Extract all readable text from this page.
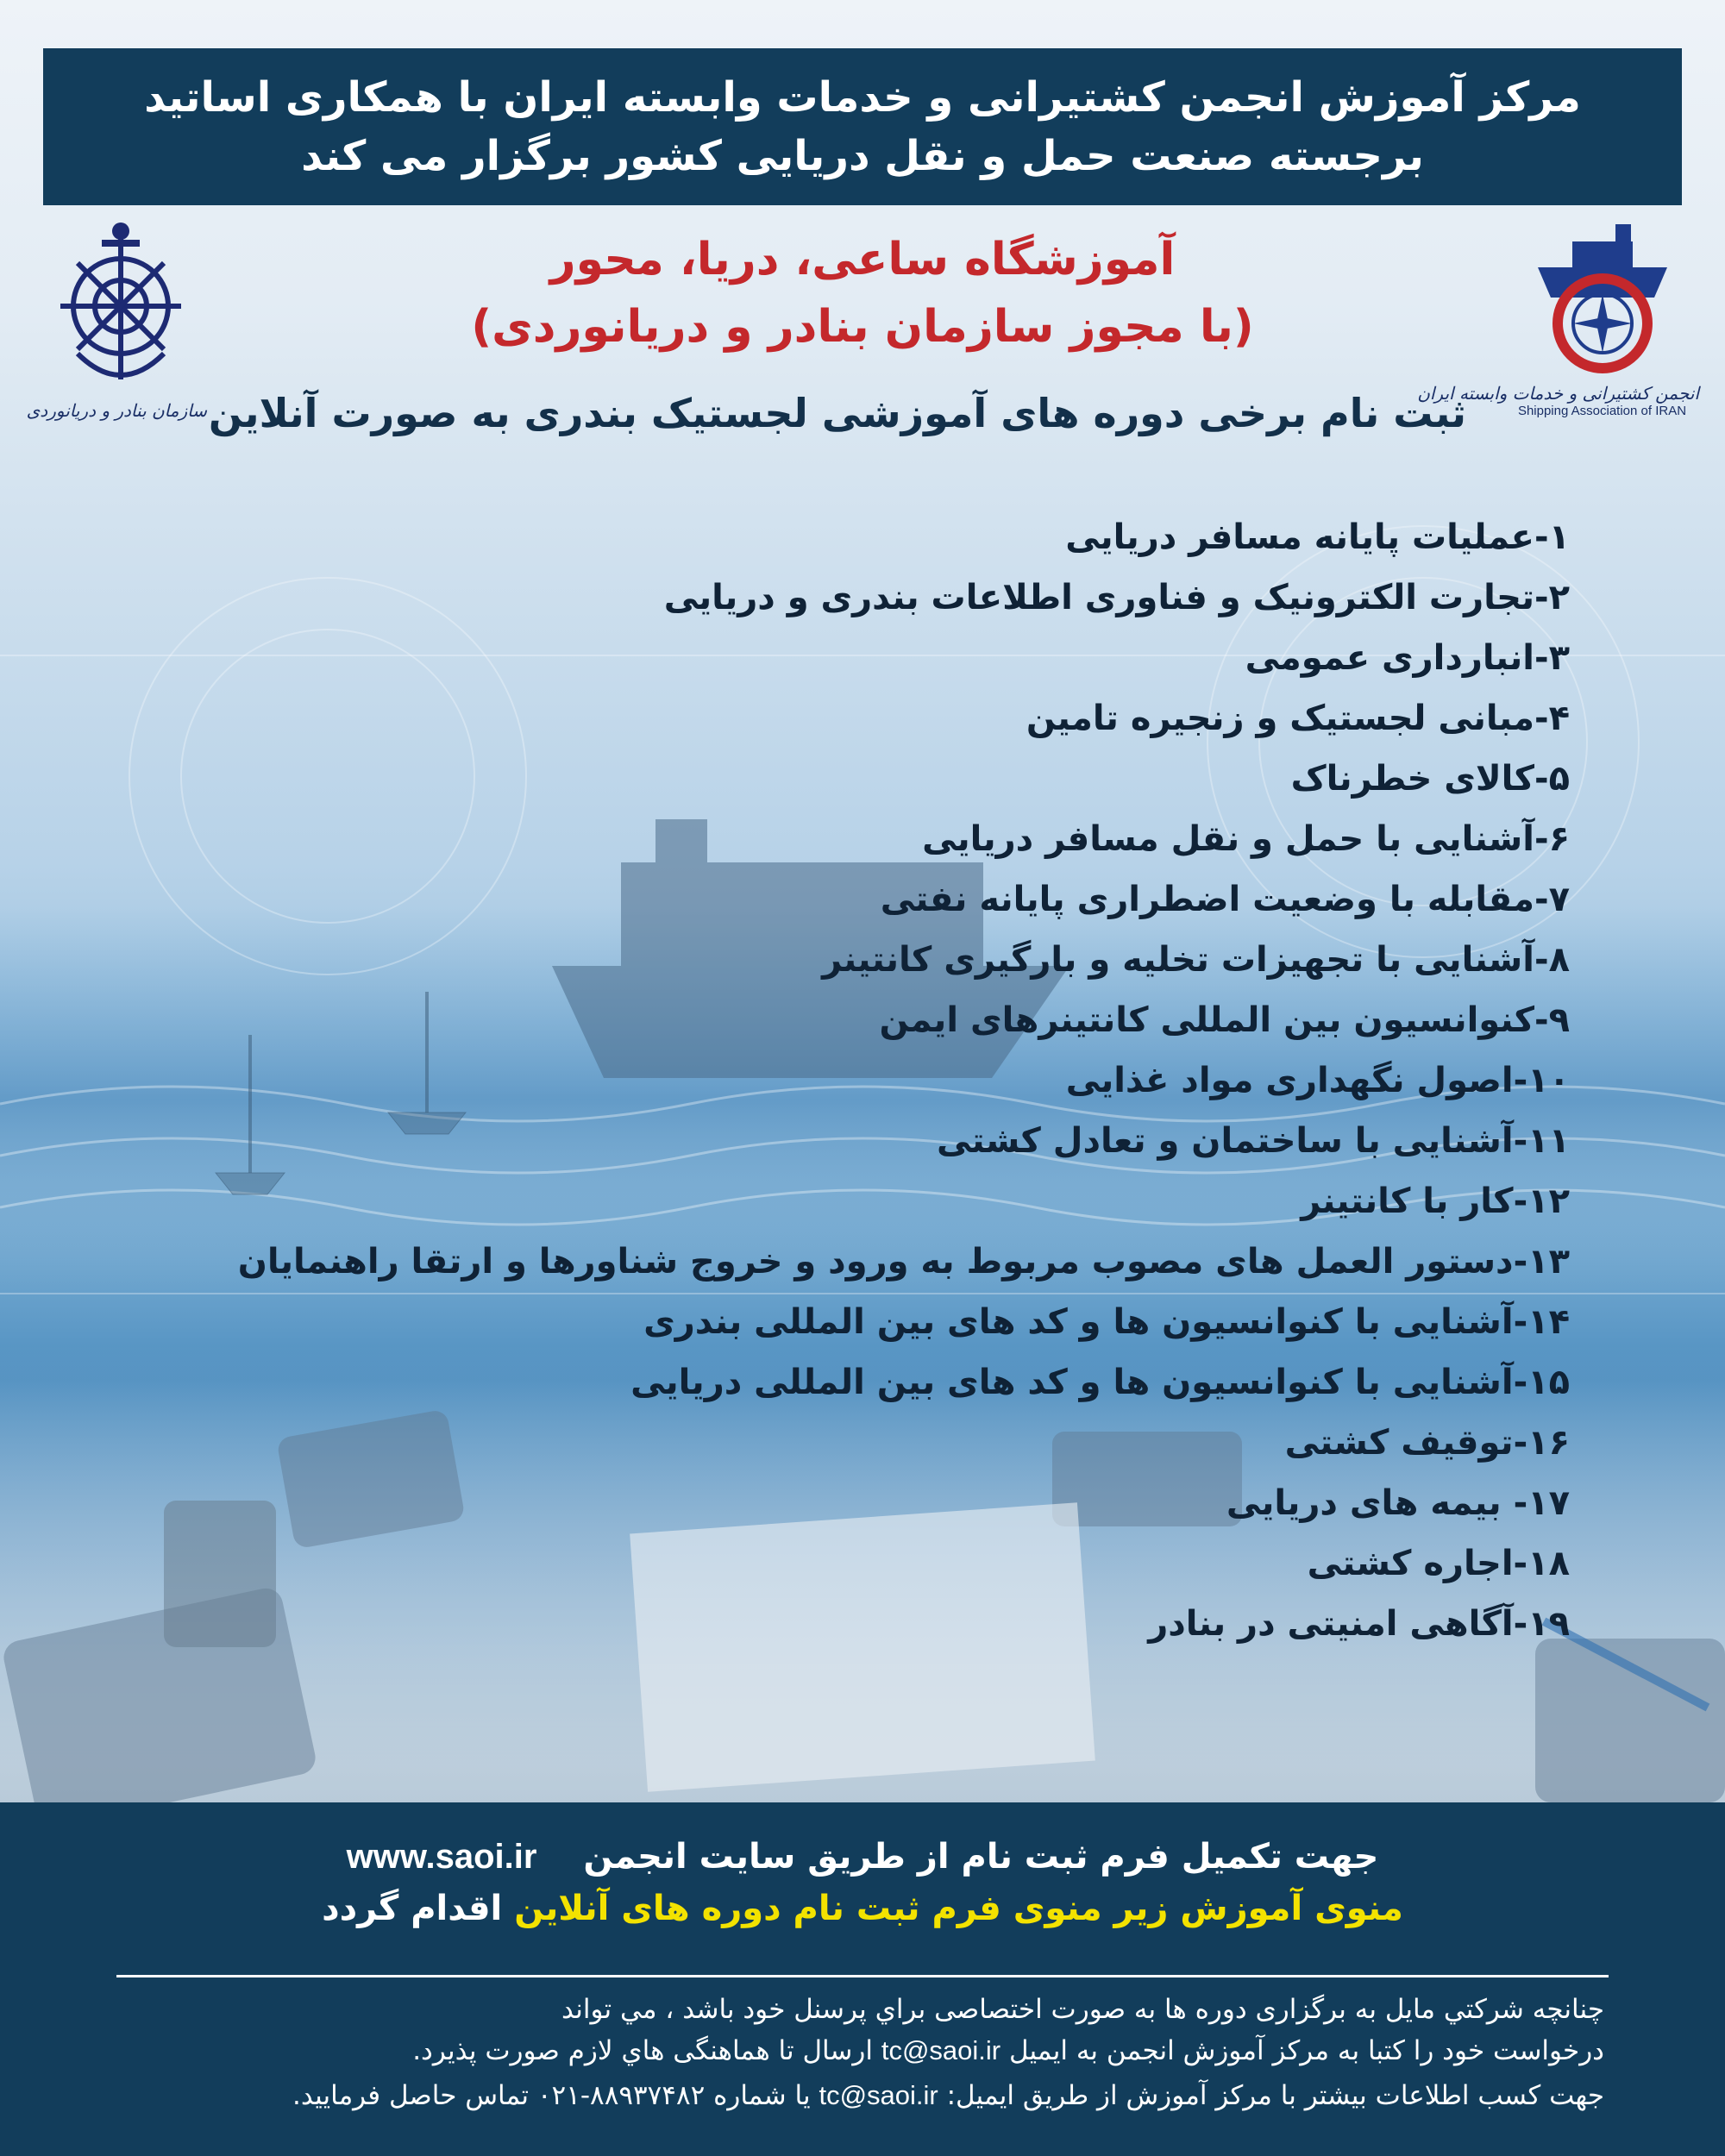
مرکز آموزش انجمن کشتیرانی و خدمات وابسته ایران با همکاری اساتید
برجسته صنعت حمل و نقل دریایی کشور برگزار می کند
سازمان بنادر و دریانوردی
انجمن کشتیرانی و خدمات وابسته ایران
Shipping Association of IRAN
آموزشگاه ساعی، دریا، محور
(با مجوز سازمان بنادر و دریانوردی)
ثبت نام برخی دوره های آموزشی لجستیک بندری به صورت آنلاین
۱-عملیات پایانه مسافر دریایی
۲-تجارت الکترونیک و فناوری اطلاعات بندری و دریایی
۳-انبارداری عمومی
۴-مبانی لجستیک و زنجیره تامین
۵-کالای خطرناک
۶-آشنایی با حمل و نقل مسافر دریایی
۷-مقابله با وضعیت اضطراری پایانه نفتی
۸-آشنایی با تجهیزات تخلیه و بارگیری کانتینر
۹-کنوانسیون بین المللی کانتینرهای ایمن
۱۰-اصول نگهداری مواد غذایی
۱۱-آشنایی با ساختمان و تعادل کشتی
۱۲-کار با کانتینر
۱۳-دستور العمل های مصوب مربوط به ورود و خروج شناورها و ارتقا راهنمایان
۱۴-آشنایی با کنوانسیون ها و کد های بین المللی بندری
۱۵-آشنایی با کنوانسیون ها و کد های بین المللی دریایی
۱۶-توقیف کشتی
۱۷- بیمه های دریایی
۱۸-اجاره کشتی
۱۹-آگاهی امنیتی در بنادر
جهت تکمیل فرم ثبت نام از طریق سایت انجمن www.saoi.ir
منوی آموزش زیر منوی فرم ثبت نام دوره های آنلاین اقدام گردد
چنانچه شرکتي مايل به برگزاری دوره ها به صورت اختصاصی براي پرسنل خود باشد ، مي تواند
درخواست خود را کتبا به مرکز آموزش انجمن به ایمیل tc@saoi.ir ارسال تا هماهنگی هاي لازم صورت پذيرد.
جهت کسب اطلاعات بیشتر با مرکز آموزش از طریق ایمیل: tc@saoi.ir یا شماره ۸۸۹۳۷۴۸۲-۰۲۱ تماس حاصل فرمایید.
